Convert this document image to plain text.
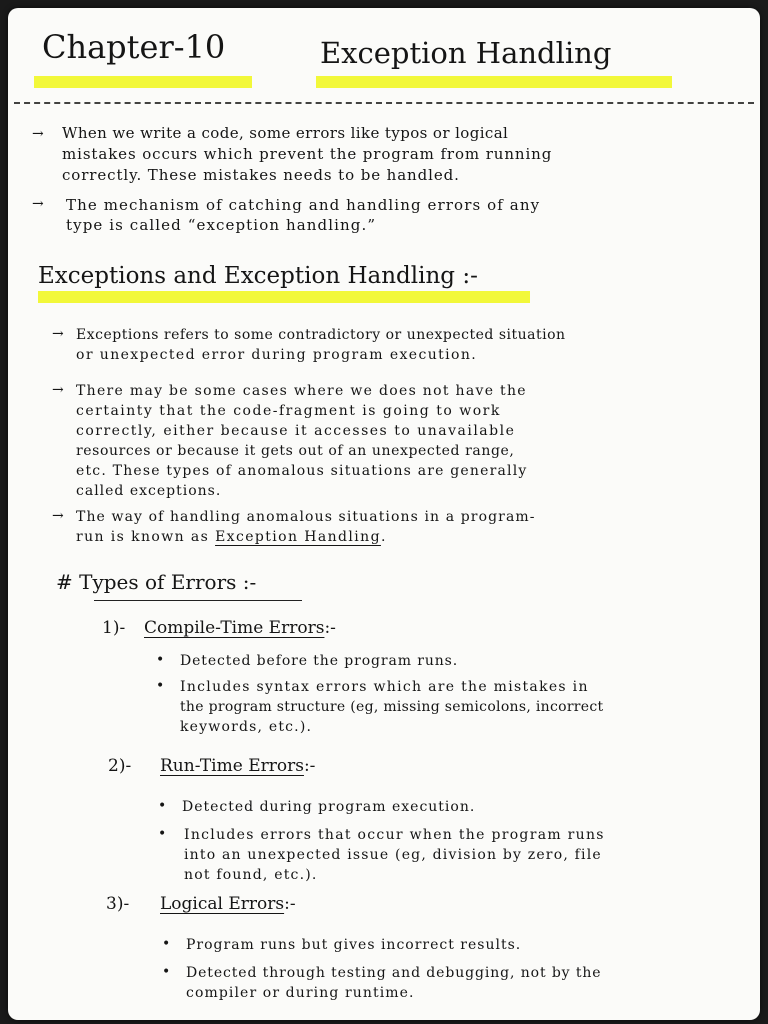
Chapter-10	Exception Handling
→ When we write a code, some errors like typos or logical
mistakes occurs which prevent the program from running
correctly. These mistakes needs to be handled.
→ The mechanism of catching and handling errors of any
type is called “exception handling.”
Exceptions and Exception Handling :-
→ Exceptions refers to some contradictory or unexpected situation
or unexpected error during program execution.
→ There may be some cases where we does not have the
certainty that the code-fragment is going to work
correctly, either because it accesses to unavailable
resources or because it gets out of an unexpected range,
etc. These types of anomalous situations are generally
called exceptions.
→ The way of handling anomalous situations in a program-
run is known as Exception Handling.
# Types of Errors :-
1)- Compile-Time Errors:-
• Detected before the program runs.
• Includes syntax errors which are the mistakes in
the program structure (eg, missing semicolons, incorrect
keywords, etc.).
2)- Run-Time Errors:-
• Detected during program execution.
• Includes errors that occur when the program runs
into an unexpected issue (eg, division by zero, file
not found, etc.).
3)- Logical Errors:-
• Program runs but gives incorrect results.
• Detected through testing and debugging, not by the
compiler or during runtime.
